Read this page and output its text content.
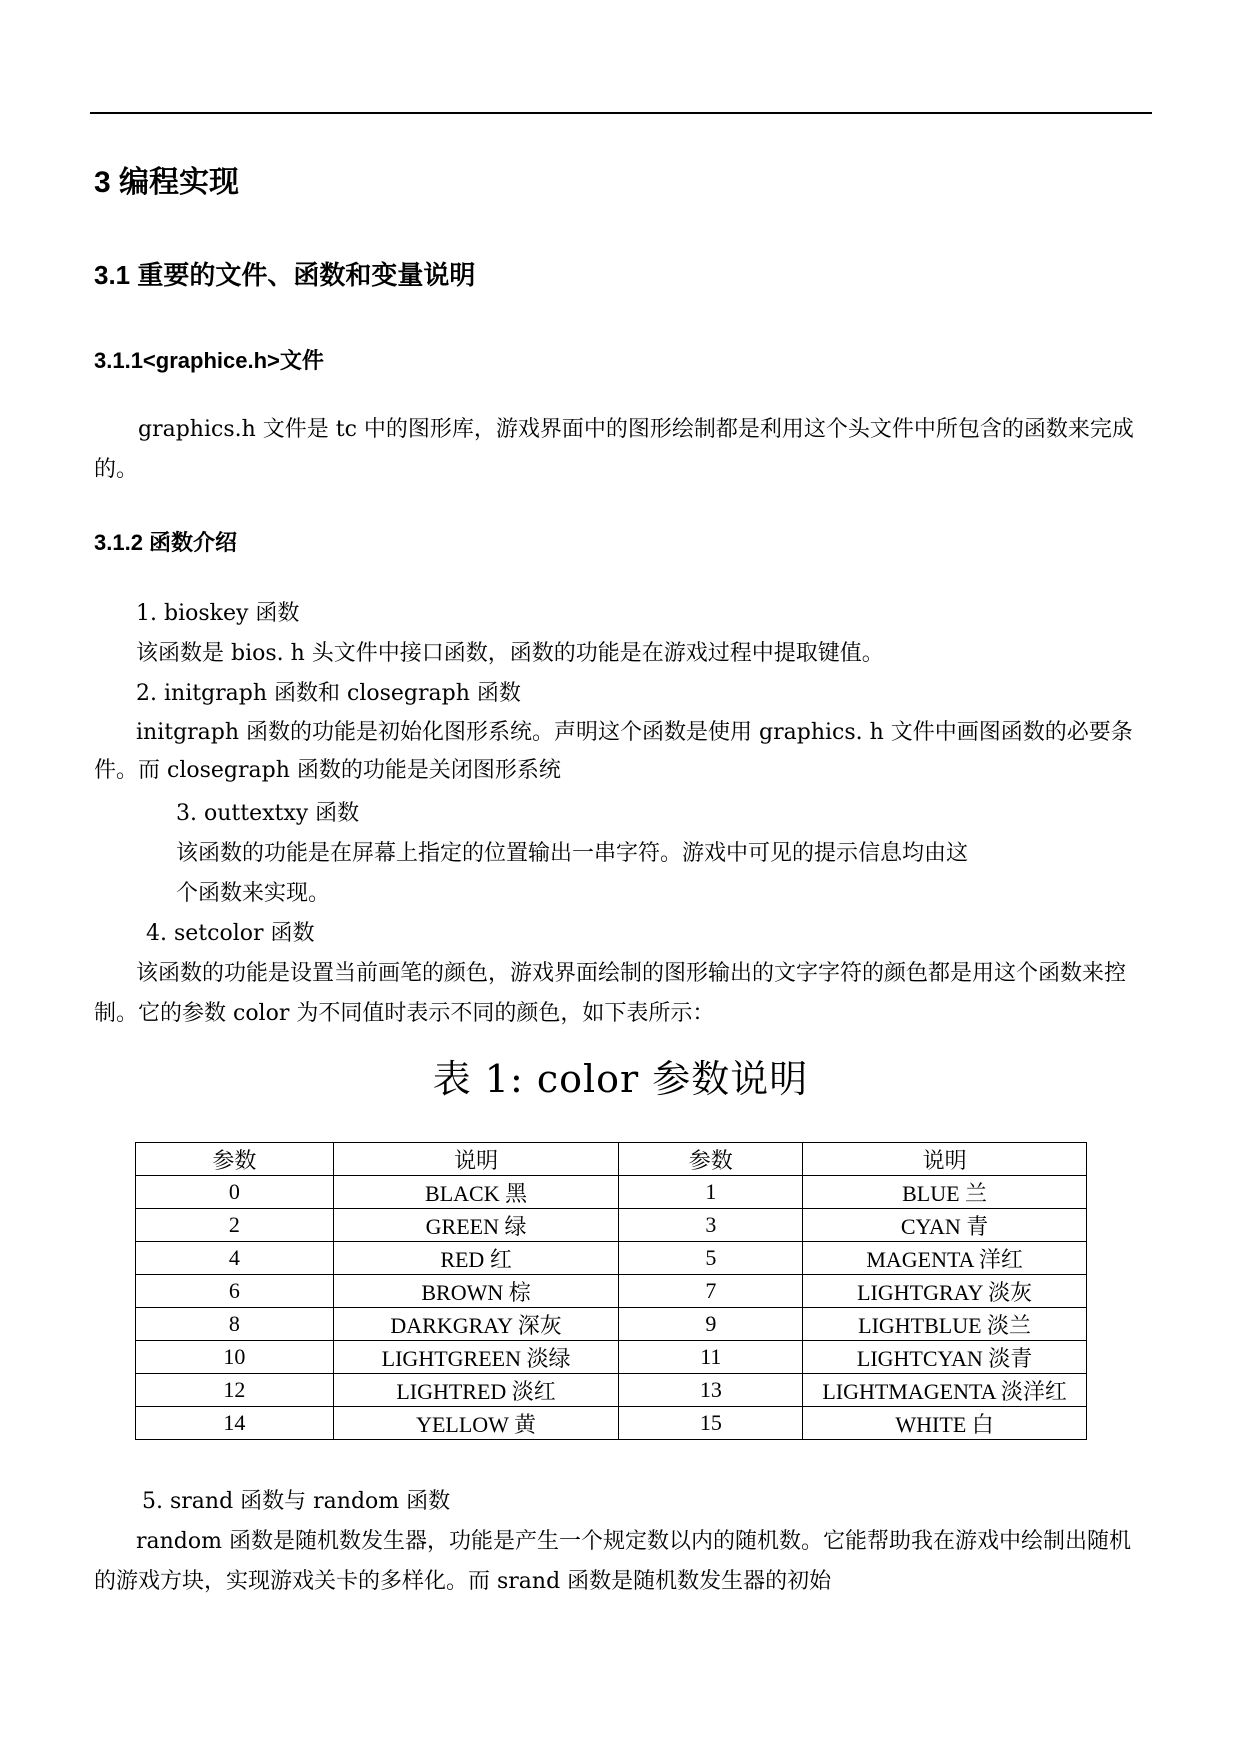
3 编程实现
3.1 重要的文件、函数和变量说明
3.1.1<graphice.h>文件
graphics.h 文件是 tc 中的图形库，游戏界面中的图形绘制都是利用这个头文件中所包含的函数来完成的。
3.1.2 函数介绍
1. bioskey 函数
该函数是 bios. h 头文件中接口函数，函数的功能是在游戏过程中提取键值。
2. initgraph 函数和 closegraph 函数
initgraph 函数的功能是初始化图形系统。声明这个函数是使用 graphics. h 文件中画图函数的必要条件。而 closegraph 函数的功能是关闭图形系统
3. outtextxy 函数
该函数的功能是在屏幕上指定的位置输出一串字符。游戏中可见的提示信息均由这
个函数来实现。
4. setcolor 函数
该函数的功能是设置当前画笔的颜色，游戏界面绘制的图形输出的文字字符的颜色都是用这个函数来控制。它的参数 color 为不同值时表示不同的颜色，如下表所示：
表 1: color 参数说明
参数	说明	参数	说明
0	BLACK 黑	1	BLUE 兰
2	GREEN 绿	3	CYAN 青
4	RED 红	5	MAGENTA 洋红
6	BROWN 棕	7	LIGHTGRAY 淡灰
8	DARKGRAY 深灰	9	LIGHTBLUE 淡兰
10	LIGHTGREEN 淡绿	11	LIGHTCYAN 淡青
12	LIGHTRED 淡红	13	LIGHTMAGENTA 淡洋红
14	YELLOW 黄	15	WHITE 白
5. srand 函数与 random 函数
random 函数是随机数发生器，功能是产生一个规定数以内的随机数。它能帮助我在游戏中绘制出随机的游戏方块，实现游戏关卡的多样化。而 srand 函数是随机数发生器的初始
